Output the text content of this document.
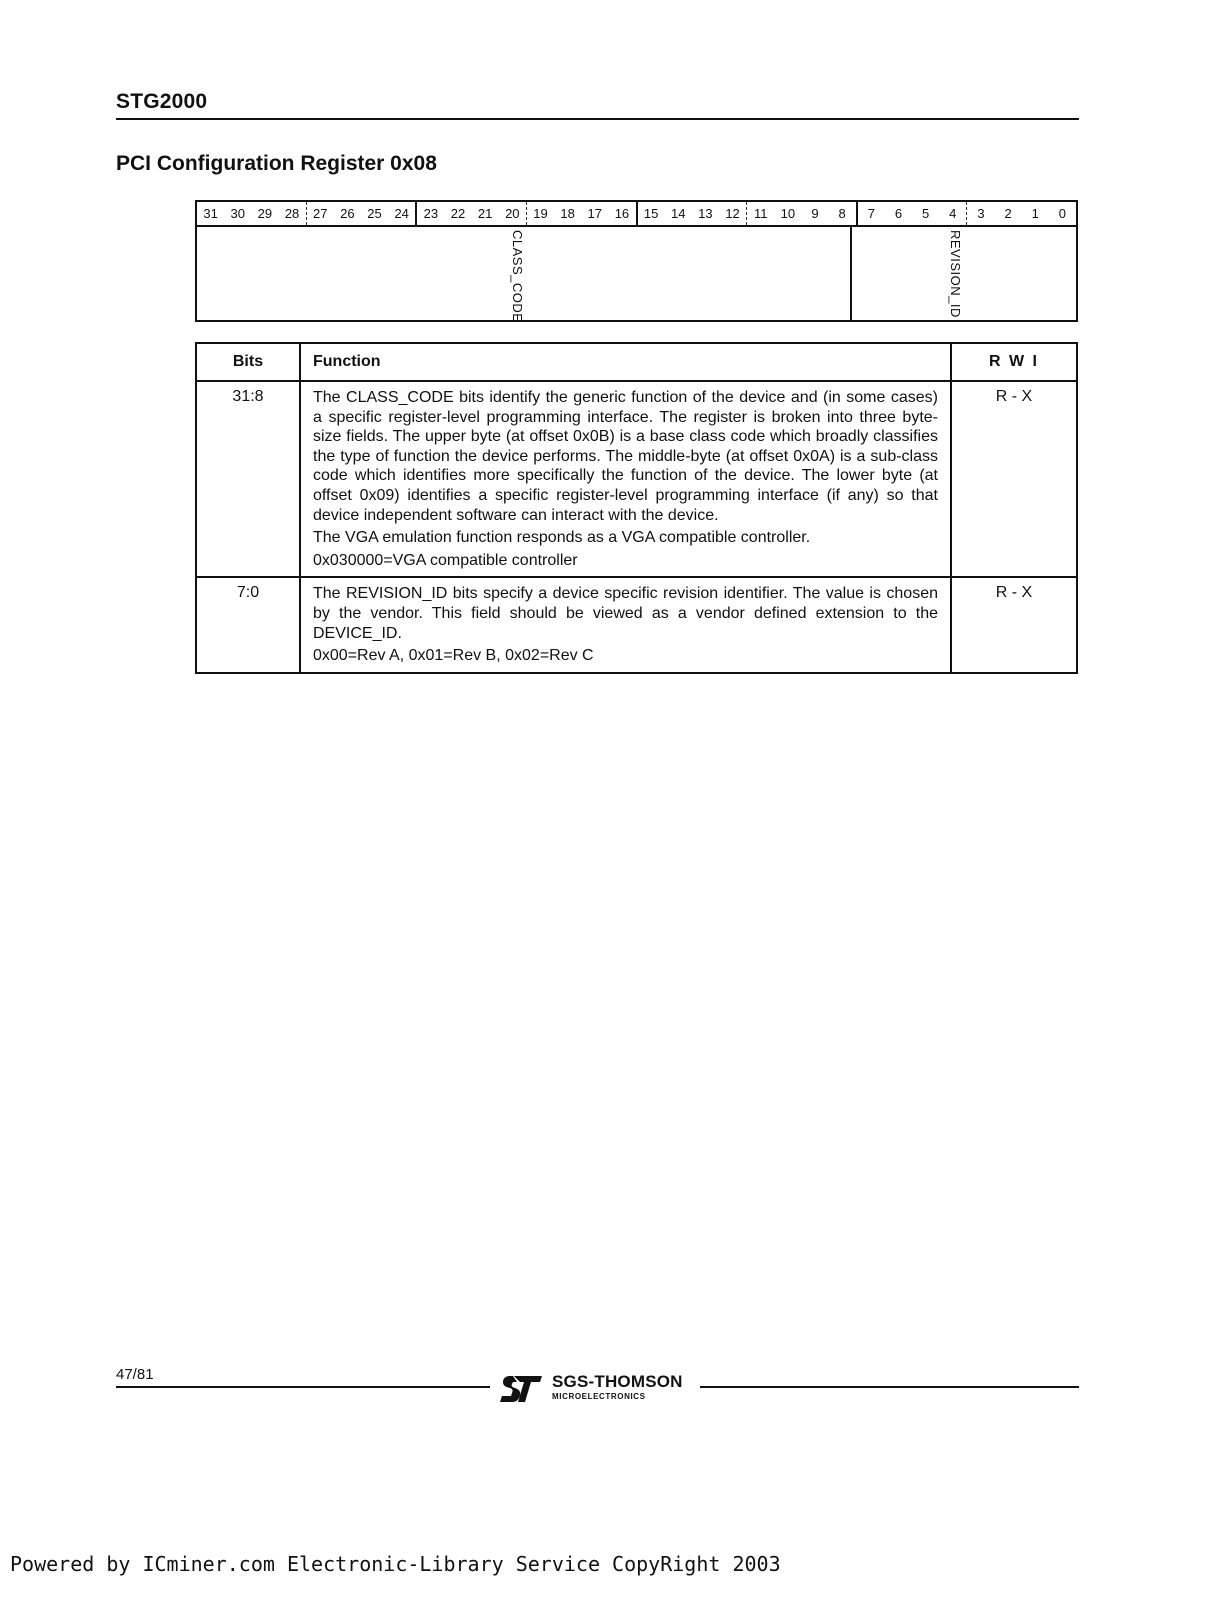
STG2000
PCI Configuration Register 0x08
31 30 29 28	27 26 25 24	23 22 21 20	19 18 17 16	15 14 13 12	11	10	9	8	7	6	5	4	3	2	1	0
CLASS_CODE	REVISION_ID
Bits	Function	R W I
31:8	The CLASS_CODE bits identify the generic function of the device and (in some cases) a specific register-level programming interface. The register is broken into three byte-size fields. The upper byte (at offset 0x0B) is a base class code which broadly classifies the type of function the device performs. The middle-byte (at offset 0x0A) is a sub-class code which identifies more specifically the function of the device. The lower byte (at offset 0x09) identifies a specific register-level programming interface (if any) so that device independent software can interact with the device.

The VGA emulation function responds as a VGA compatible controller.

0x030000=VGA compatible controller	R - X
7:0	The REVISION_ID bits specify a device specific revision identifier. The value is chosen by the vendor. This field should be viewed as a vendor defined extension to the DEVICE_ID.

0x00=Rev A, 0x01=Rev B, 0x02=Rev C	R - X
47/81	SGS-THOMSON
MICROELECTRONICS
Powered by ICminer.com Electronic-Library Service CopyRight 2003
